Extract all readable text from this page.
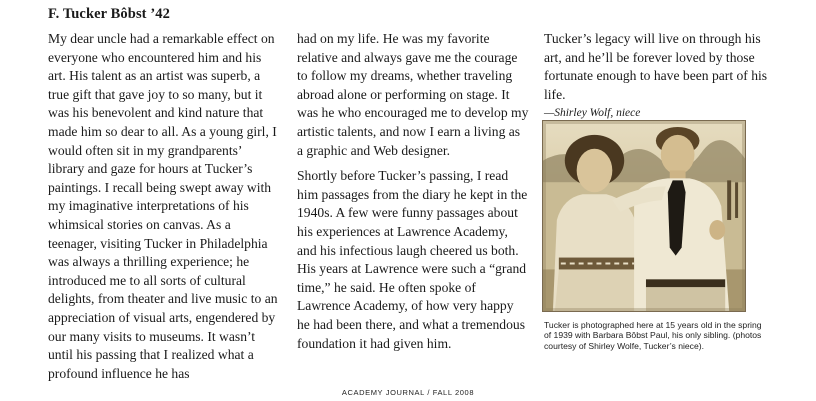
F. Tucker Bôbst ’42

My dear uncle had a remarkable effect on everyone who encountered him and his art. His talent as an artist was superb, a true gift that gave joy to so many, but it was his benevolent and kind nature that made him so dear to all. As a young girl, I would often sit in my grandparents’ library and gaze for hours at Tucker’s paintings. I recall being swept away with my imaginative interpretations of his whimsical stories on canvas. As a teenager, visiting Tucker in Philadelphia was always a thrilling experience; he introduced me to all sorts of cultural delights, from theater and live music to an appreciation of visual arts, engendered by our many visits to museums. It wasn’t until his passing that I realized what a profound influence he has

had on my life. He was my favorite relative and always gave me the courage to follow my dreams, whether traveling abroad alone or performing on stage. It was he who encouraged me to develop my artistic talents, and now I earn a living as a graphic and Web designer.

Shortly before Tucker’s passing, I read him passages from the diary he kept in the 1940s. A few were funny passages about his experiences at Lawrence Academy, and his infectious laugh cheered us both. His years at Lawrence were such a “grand time,” he said. He often spoke of Lawrence Academy, of how very happy he had been there, and what a tremendous foundation it had given him.

Tucker’s legacy will live on through his art, and he’ll be forever loved by those fortunate enough to have been part of his life.

—Shirley Wolf, niece

Tucker is photographed here at 15 years old in the spring of 1939 with Barbara Bôbst Paul, his only sibling. (photos courtesy of Shirley Wolfe, Tucker’s niece).
ACADEMY JOURNAL / FALL 2008
